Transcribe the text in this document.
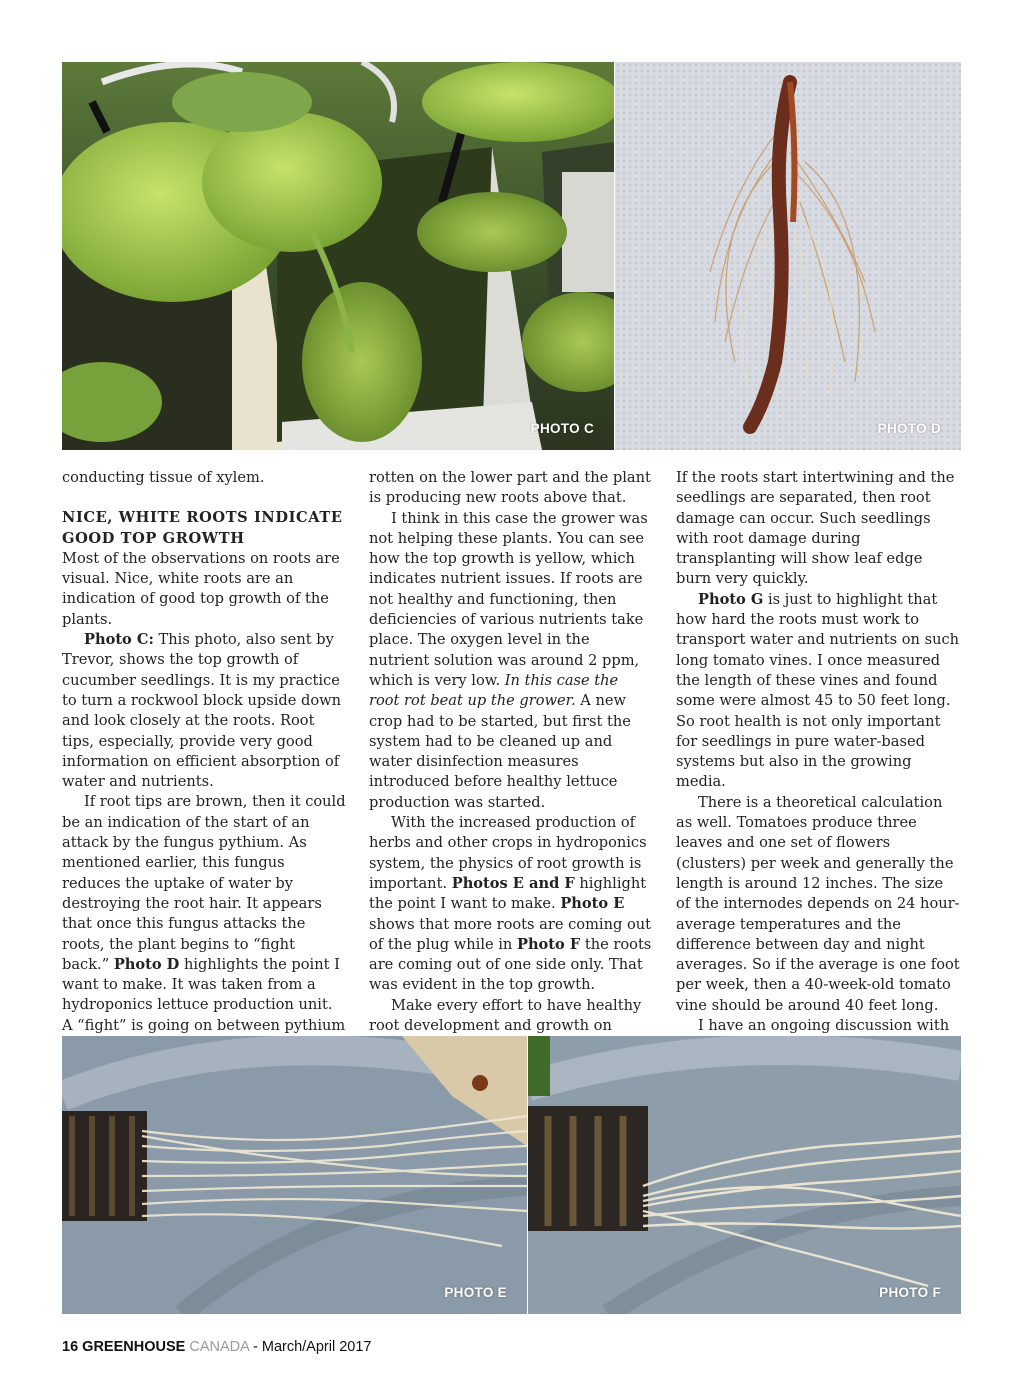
PHOTO C	PHOTO D

conducting tissue of xylem.

NICE, WHITE ROOTS INDICATE GOOD TOP GROWTH

Most of the observations on roots are visual. Nice, white roots are an indication of good top growth of the plants.

Photo C: This photo, also sent by Trevor, shows the top growth of cucumber seedlings. It is my practice to turn a rockwool block upside down and look closely at the roots. Root tips, especially, provide very good information on efficient absorption of water and nutrients.

If root tips are brown, then it could be an indication of the start of an attack by the fungus pythium. As mentioned earlier, this fungus reduces the uptake of water by destroying the root hair. It appears that once this fungus attacks the roots, the plant begins to “fight back.” Photo D highlights the point I want to make. It was taken from a hydroponics lettuce production unit. A “fight” is going on between pythium

rotten on the lower part and the plant is producing new roots above that.

I think in this case the grower was not helping these plants. You can see how the top growth is yellow, which indicates nutrient issues. If roots are not healthy and functioning, then deficiencies of various nutrients take place. The oxygen level in the nutrient solution was around 2 ppm, which is very low. In this case the root rot beat up the grower. A new crop had to be started, but first the system had to be cleaned up and water disinfection measures introduced before healthy lettuce production was started.

With the increased production of herbs and other crops in hydroponics system, the physics of root growth is important. Photos E and F highlight the point I want to make. Photo E shows that more roots are coming out of the plug while in Photo F the roots are coming out of one side only. That was evident in the top growth.

Make every effort to have healthy root development and growth on

If the roots start intertwining and the seedlings are separated, then root damage can occur. Such seedlings with root damage during transplanting will show leaf edge burn very quickly.

Photo G is just to highlight that how hard the roots must work to transport water and nutrients on such long tomato vines. I once measured the length of these vines and found some were almost 45 to 50 feet long. So root health is not only important for seedlings in pure water-based systems but also in the growing media.

There is a theoretical calculation as well. Tomatoes produce three leaves and one set of flowers (clusters) per week and generally the length is around 12 inches. The size of the internodes depends on 24 hour-average temperatures and the difference between day and night averages. So if the average is one foot per week, then a 40-week-old tomato vine should be around 40 feet long.

I have an ongoing discussion with

PHOTO E	PHOTO F
16 GREENHOUSE CANADA - March/April 2017
